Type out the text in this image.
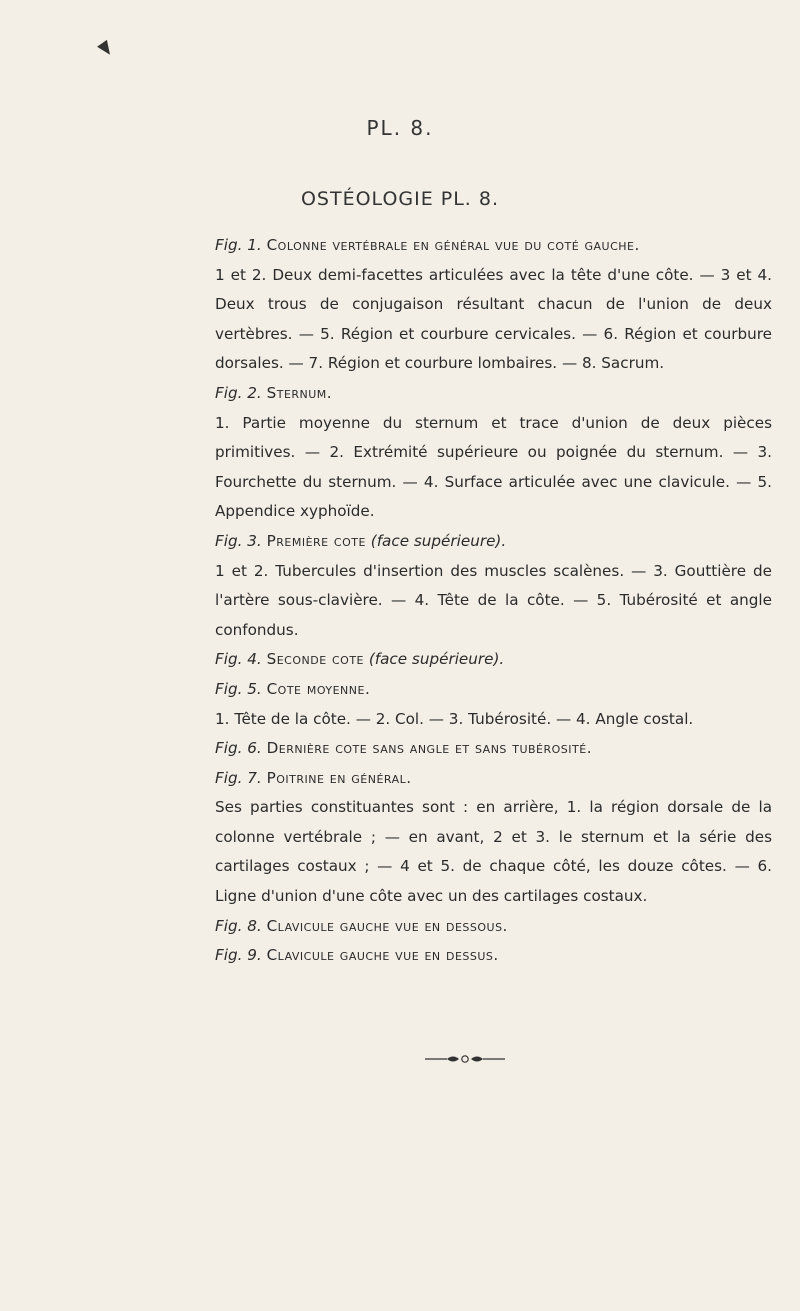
PL. 8.
OSTÉOLOGIE PL. 8.

Fig. 1. Colonne vertébrale en général vue du coté gauche.

1 et 2. Deux demi-facettes articulées avec la tête d'une côte. — 3 et 4. Deux trous de conjugaison résultant chacun de l'union de deux vertèbres. — 5. Région et courbure cervicales. — 6. Région et courbure dorsales. — 7. Région et courbure lombaires. — 8. Sacrum.

Fig. 2. Sternum.

1. Partie moyenne du sternum et trace d'union de deux pièces primitives. — 2. Extrémité supérieure ou poignée du sternum. — 3. Fourchette du sternum. — 4. Surface articulée avec une clavicule. — 5. Appendice xyphoïde.

Fig. 3. Première cote (face supérieure).

1 et 2. Tubercules d'insertion des muscles scalènes. — 3. Gouttière de l'artère sous-clavière. — 4. Tête de la côte. — 5. Tubérosité et angle confondus.

Fig. 4. Seconde cote (face supérieure).

Fig. 5. Cote moyenne.

1. Tête de la côte. — 2. Col. — 3. Tubérosité. — 4. Angle costal.

Fig. 6. Dernière cote sans angle et sans tubérosité.

Fig. 7. Poitrine en général.

Ses parties constituantes sont : en arrière, 1. la région dorsale de la colonne vertébrale ; — en avant, 2 et 3. le sternum et la série des cartilages costaux ; — 4 et 5. de chaque côté, les douze côtes. — 6. Ligne d'union d'une côte avec un des cartilages costaux.

Fig. 8. Clavicule gauche vue en dessous.

Fig. 9. Clavicule gauche vue en dessus.
